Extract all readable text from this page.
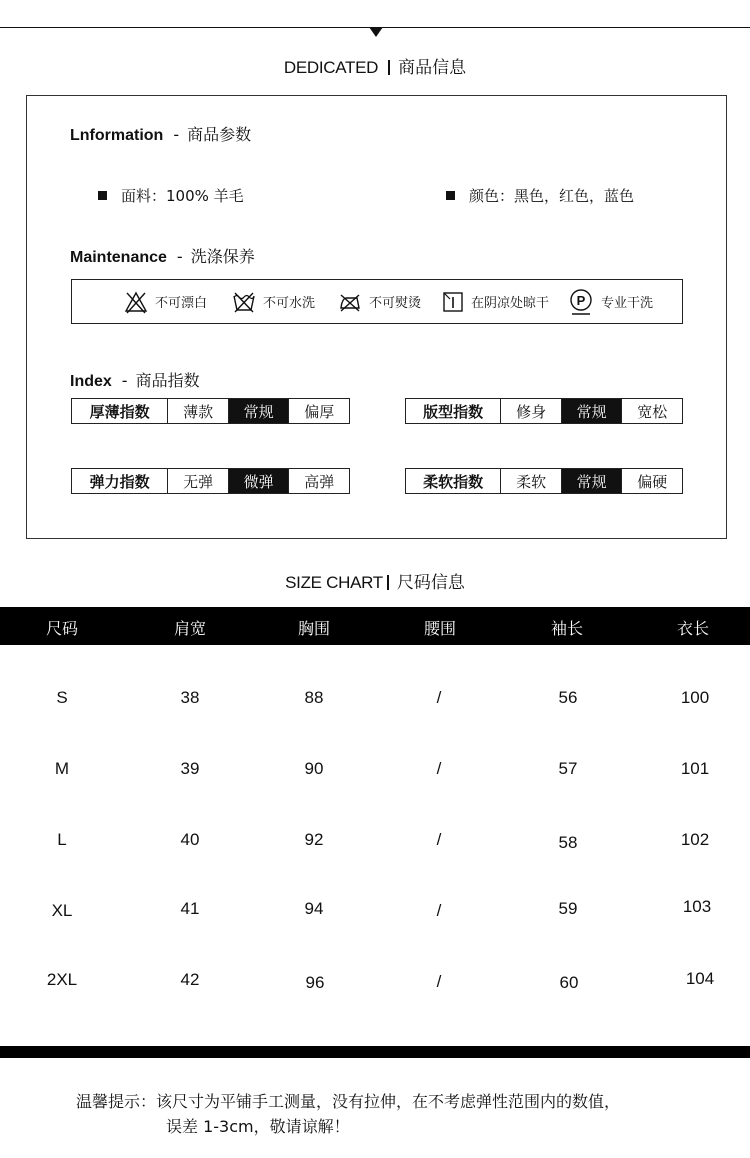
DEDICATED 商品信息
Lnformation - 商品参数
面料：100% 羊毛	颜色：黑色，红色，蓝色
Maintenance - 洗涤保养
不可漂白	不可水洗	不可熨烫	在阴凉处晾干 P 专业干洗
Index - 商品指数
厚薄指数	薄款	常规	偏厚	版型指数	修身	常规	宽松
弹力指数	无弹	微弹	高弹	柔软指数	柔软	常规	偏硬
SIZE CHART 尺码信息
尺码	肩宽	胸围	腰围	袖长	衣长
S	38	88	/	56	100
M	39	90	/	57	101
L	40	92	/	58	102
XL	41	94	/	59	103
2XL	42	96	/	60	104
温馨提示：该尺寸为平铺手工测量，没有拉伸，在不考虑弹性范围内的数值，
误差 1-3cm，敬请谅解！
